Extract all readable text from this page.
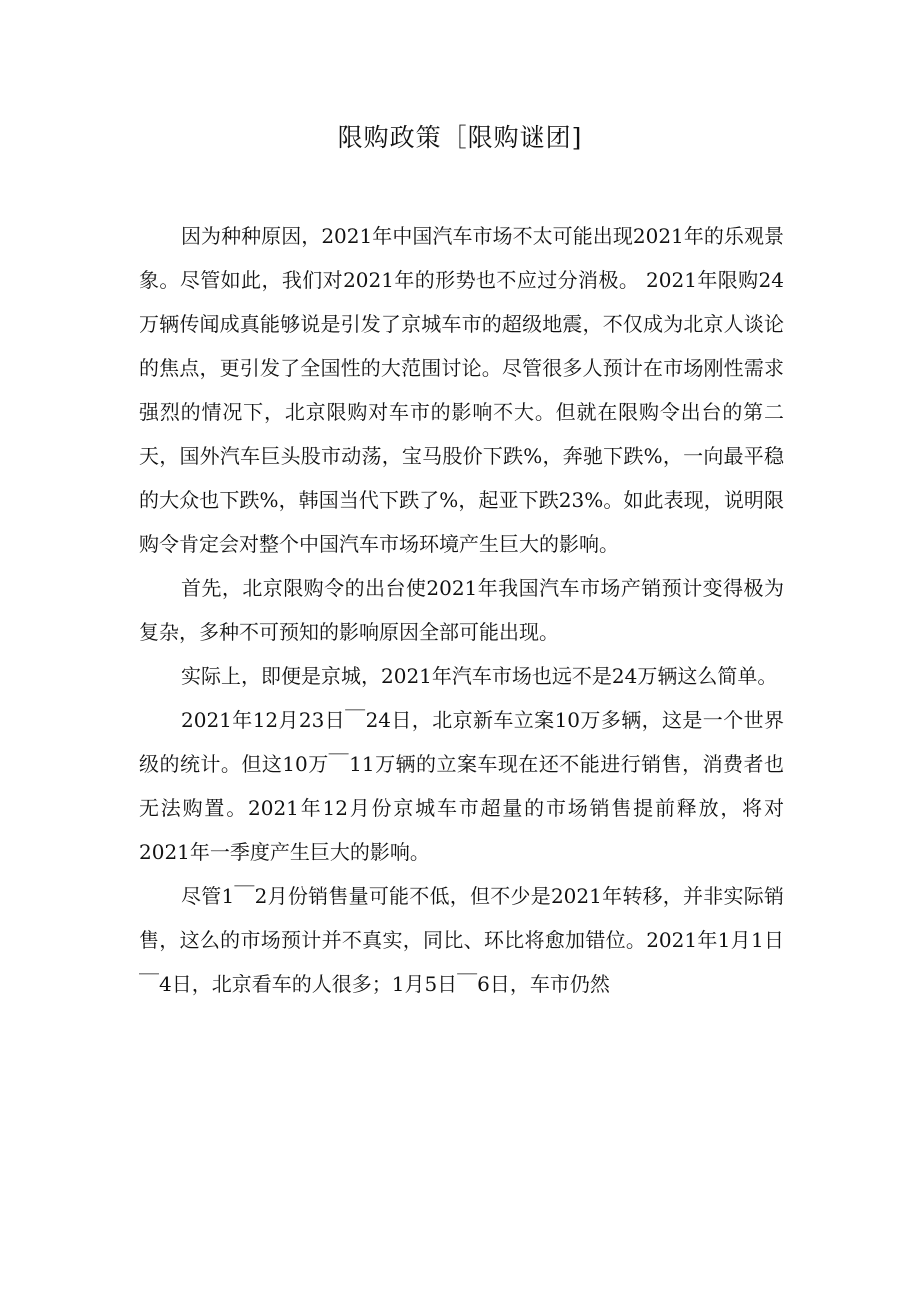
限购政策［限购谜团]

因为种种原因，2021年中国汽车市场不太可能出现2021年的乐观景象。尽管如此，我们对2021年的形势也不应过分消极。 2021年限购24万辆传闻成真能够说是引发了京城车市的超级地震，不仅成为北京人谈论的焦点，更引发了全国性的大范围讨论。尽管很多人预计在市场刚性需求强烈的情况下，北京限购对车市的影响不大。但就在限购令出台的第二天，国外汽车巨头股市动荡，宝马股价下跌%，奔驰下跌%，一向最平稳的大众也下跌%，韩国当代下跌了%，起亚下跌23%。如此表现，说明限购令肯定会对整个中国汽车市场环境产生巨大的影响。

首先，北京限购令的出台使2021年我国汽车市场产销预计变得极为复杂，多种不可预知的影响原因全部可能出现。

实际上，即便是京城，2021年汽车市场也远不是24万辆这么简单。

2021年12月23日￣24日，北京新车立案10万多辆，这是一个世界级的统计。但这10万￣11万辆的立案车现在还不能进行销售，消费者也无法购置。2021年12月份京城车市超量的市场销售提前释放，将对2021年一季度产生巨大的影响。

尽管1￣2月份销售量可能不低，但不少是2021年转移，并非实际销售，这么的市场预计并不真实，同比、环比将愈加错位。2021年1月1日￣4日，北京看车的人很多；1月5日￣6日，车市仍然
